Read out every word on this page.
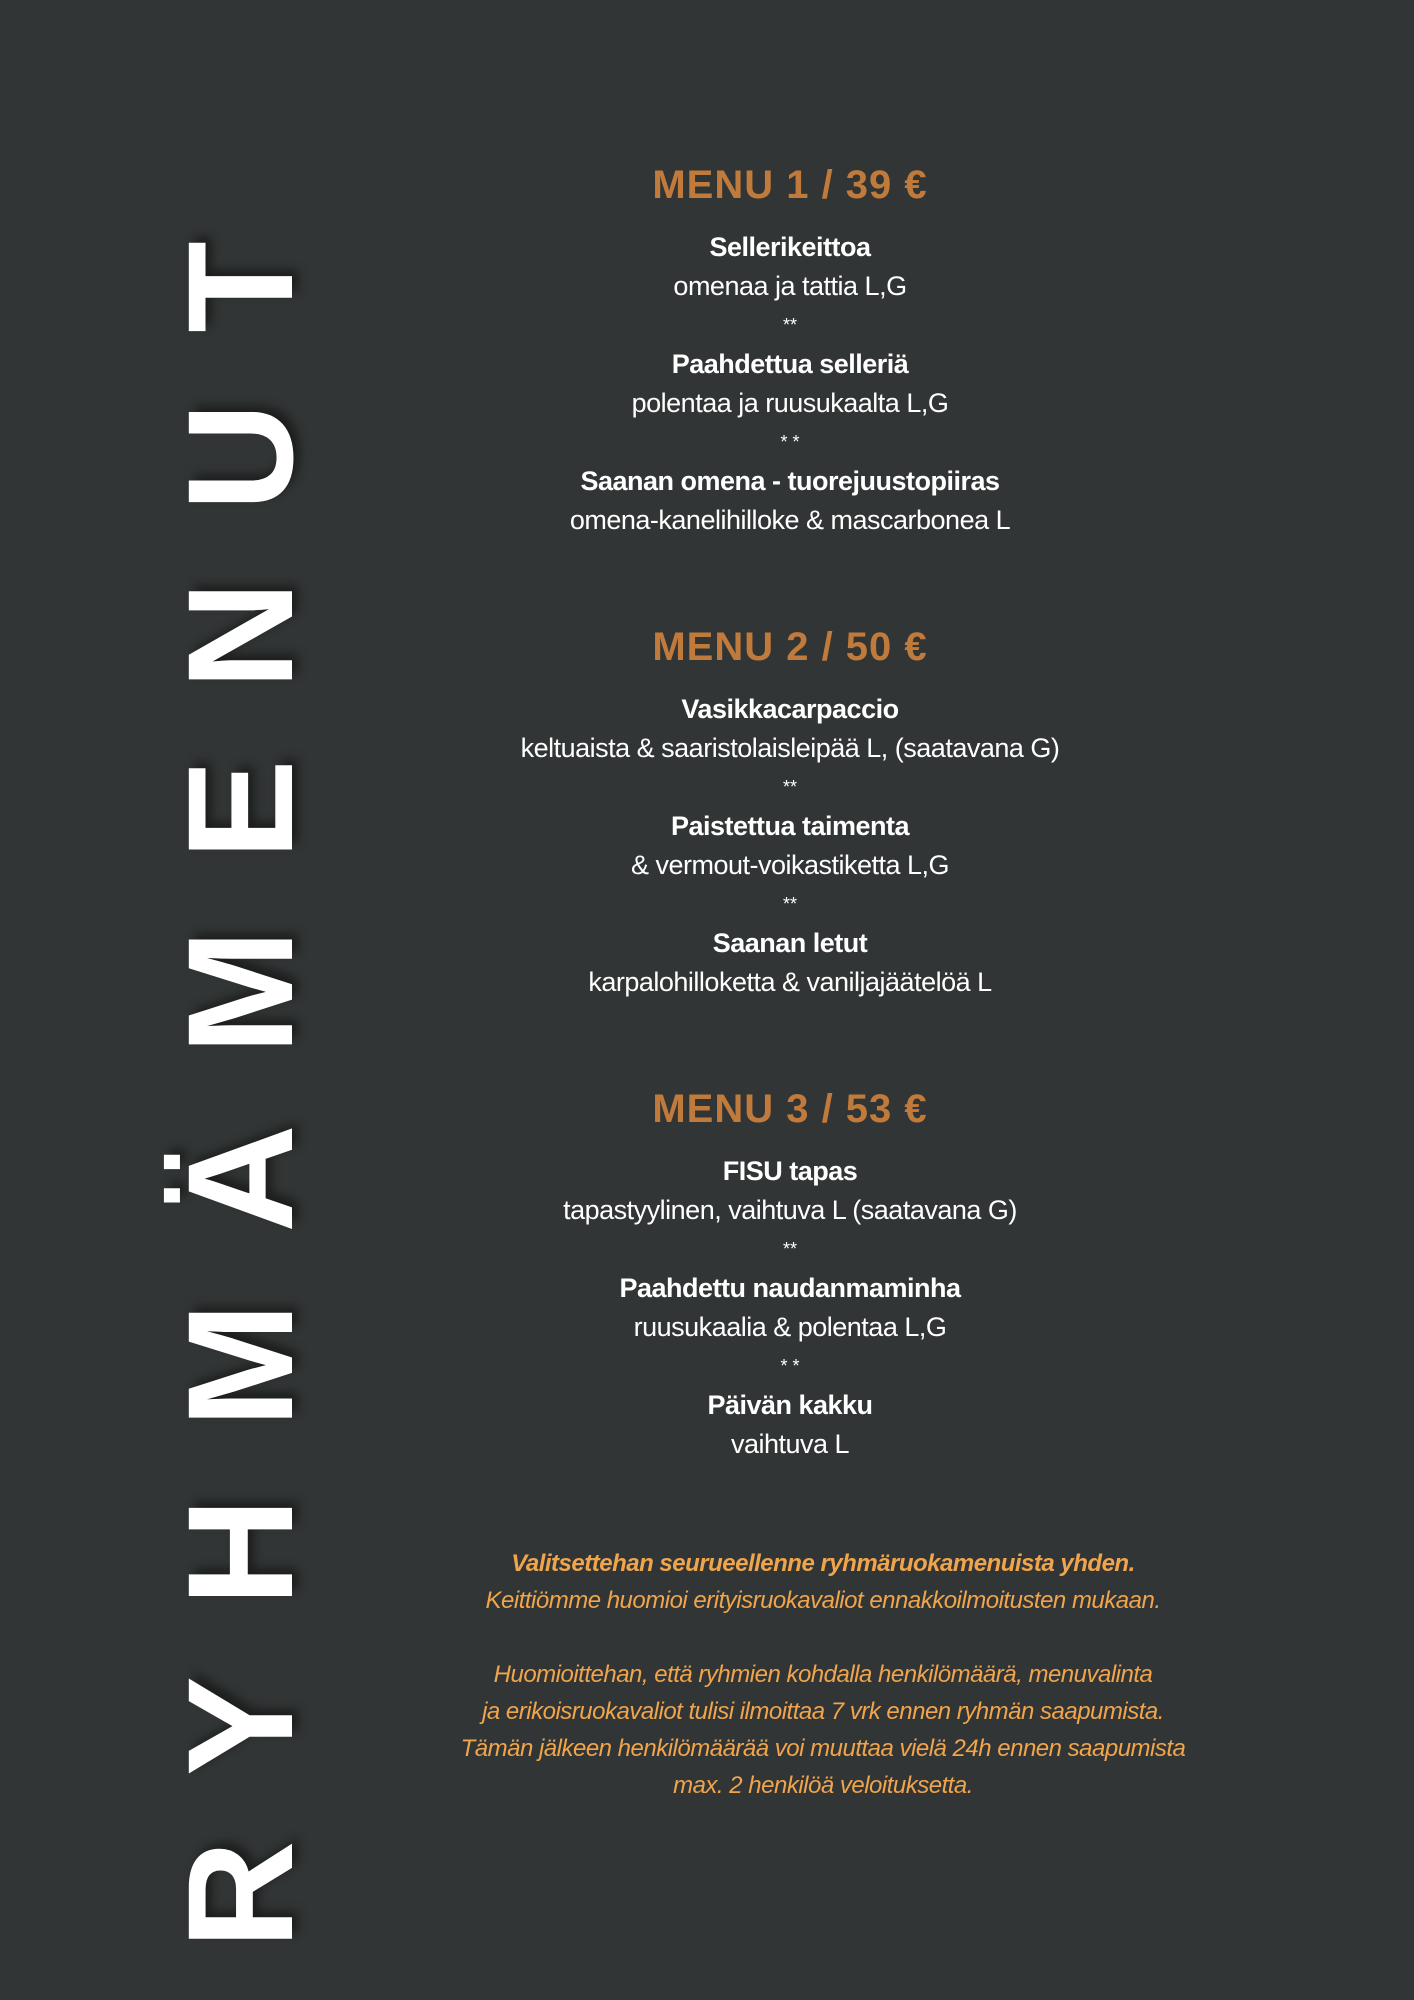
RYHMÄMENUT	MENU 1 / 39 €
Sellerikeittoa
omenaa ja tattia L,G
**
Paahdettua selleriä
polentaa ja ruusukaalta L,G
* *
Saanan omena - tuorejuustopiiras
omena-kanelihilloke & mascarbonea L
MENU 2 / 50 €
Vasikkacarpaccio
keltuaista & saaristolaisleipää L, (saatavana G)
**
Paistettua taimenta
& vermout-voikastiketta L,G
**
Saanan letut
karpalohilloketta & vaniljajäätelöä L
MENU 3 / 53 €
FISU tapas
tapastyylinen, vaihtuva L (saatavana G)
**
Paahdettu naudanmaminha
ruusukaalia & polentaa L,G
* *
Päivän kakku
vaihtuva L
Valitsettehan seurueellenne ryhmäruokamenuista yhden.
Keittiömme huomioi erityisruokavaliot ennakkoilmoitusten mukaan.
Huomioittehan, että ryhmien kohdalla henkilömäärä, menuvalinta
ja erikoisruokavaliot tulisi ilmoittaa 7 vrk ennen ryhmän saapumista.
Tämän jälkeen henkilömäärää voi muuttaa vielä 24h ennen saapumista
max. 2 henkilöä veloituksetta.
